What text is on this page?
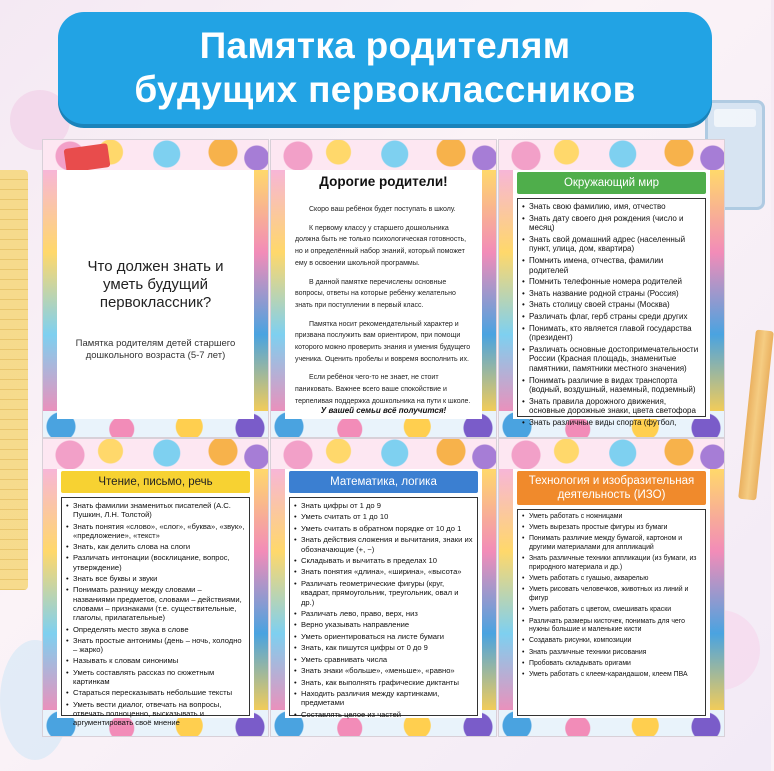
Памятка родителям
будущих первоклассников
Что должен знать и уметь будущий первоклассник?
Памятка родителям детей старшего дошкольного возраста (5-7 лет)
Дорогие родители!

Скоро ваш ребёнок будет поступать в школу.

К первому классу у старшего дошкольника должна быть не только психологическая готовность, но и определённый набор знаний, который поможет ему в освоении школьной программы.

В данной памятке перечислены основные вопросы, ответы на которые ребёнку желательно знать при поступлении в первый класс.

Памятка носит рекомендательный характер и призвана послужить вам ориентиром, при помощи которого можно проверить знания и умения будущего ученика. Оценить пробелы и вовремя восполнить их.

Если ребёнок чего-то не знает, не стоит паниковать. Важнее всего ваше спокойствие и терпеливая поддержка дошкольника на пути к школе.

У вашей семьи всё получится!
Окружающий мир
• Знать свою фамилию, имя, отчество
• Знать дату своего дня рождения (число и месяц)
• Знать свой домашний адрес (населенный пункт, улица, дом, квартира)
• Помнить имена, отчества, фамилии родителей
• Помнить телефонные номера родителей
• Знать название родной страны (Россия)
• Знать столицу своей страны (Москва)
• Различать флаг, герб страны среди других
• Понимать, кто является главой государства (президент)
• Различать основные достопримечательности России (Красная площадь, знаменитые памятники, памятники местного значения)
• Понимать различие в видах транспорта (водный, воздушный, наземный, подземный)
• Знать правила дорожного движения, основные дорожные знаки, цвета светофора
• Знать различные виды спорта (футбол,
Чтение, письмо, речь
• Знать фамилии знаменитых писателей (А.С. Пушкин, Л.Н. Толстой)
• Знать понятия «слово», «слог», «буква», «звук», «предложение», «текст»
• Знать, как делить слова на слоги
• Различать интонации (восклицание, вопрос, утверждение)
• Знать все буквы и звуки
• Понимать разницу между словами – названиями предметов, словами – действиями, словами – признаками (т.е. существительные, глаголы, прилагательные)
• Определять место звука в слове
• Знать простые антонимы (день – ночь, холодно – жарко)
• Называть к словам синонимы
• Уметь составлять рассказ по сюжетным картинкам
• Стараться пересказывать небольшие тексты
• Уметь вести диалог, отвечать на вопросы, отвечать полноценно, высказывать и аргументировать своё мнение
Математика, логика
• Знать цифры от 1 до 9
• Уметь считать от 1 до 10
• Уметь считать в обратном порядке от 10 до 1
• Знать действия сложения и вычитания, знаки их обозначающие (+, −)
• Складывать и вычитать в пределах 10
• Знать понятия «длина», «ширина», «высота»
• Различать геометрические фигуры (круг, квадрат, прямоугольник, треугольник, овал и др.)
• Различать лево, право, верх, низ
• Верно указывать направление
• Уметь ориентироваться на листе бумаги
• Знать, как пишутся цифры от 0 до 9
• Уметь сравнивать числа
• Знать знаки «больше», «меньше», «равно»
• Знать, как выполнять графические диктанты
• Находить различия между картинками, предметами
• Составлять целое из частей
Технология и изобразительная
деятельность (ИЗО)
• Уметь работать с ножницами
• Уметь вырезать простые фигуры из бумаги
• Понимать различие между бумагой, картоном и другими материалами для аппликаций
• Знать различные техники аппликации (из бумаги, из природного материала и др.)
• Уметь работать с гуашью, акварелью
• Уметь рисовать человечков, животных из линий и фигур
• Уметь работать с цветом, смешивать краски
• Различать размеры кисточек, понимать для чего нужны большие и маленькие кисти
• Создавать рисунки, композиции
• Знать различные техники рисования
• Пробовать складывать оригами
• Уметь работать с клеем-карандашом, клеем ПВА
